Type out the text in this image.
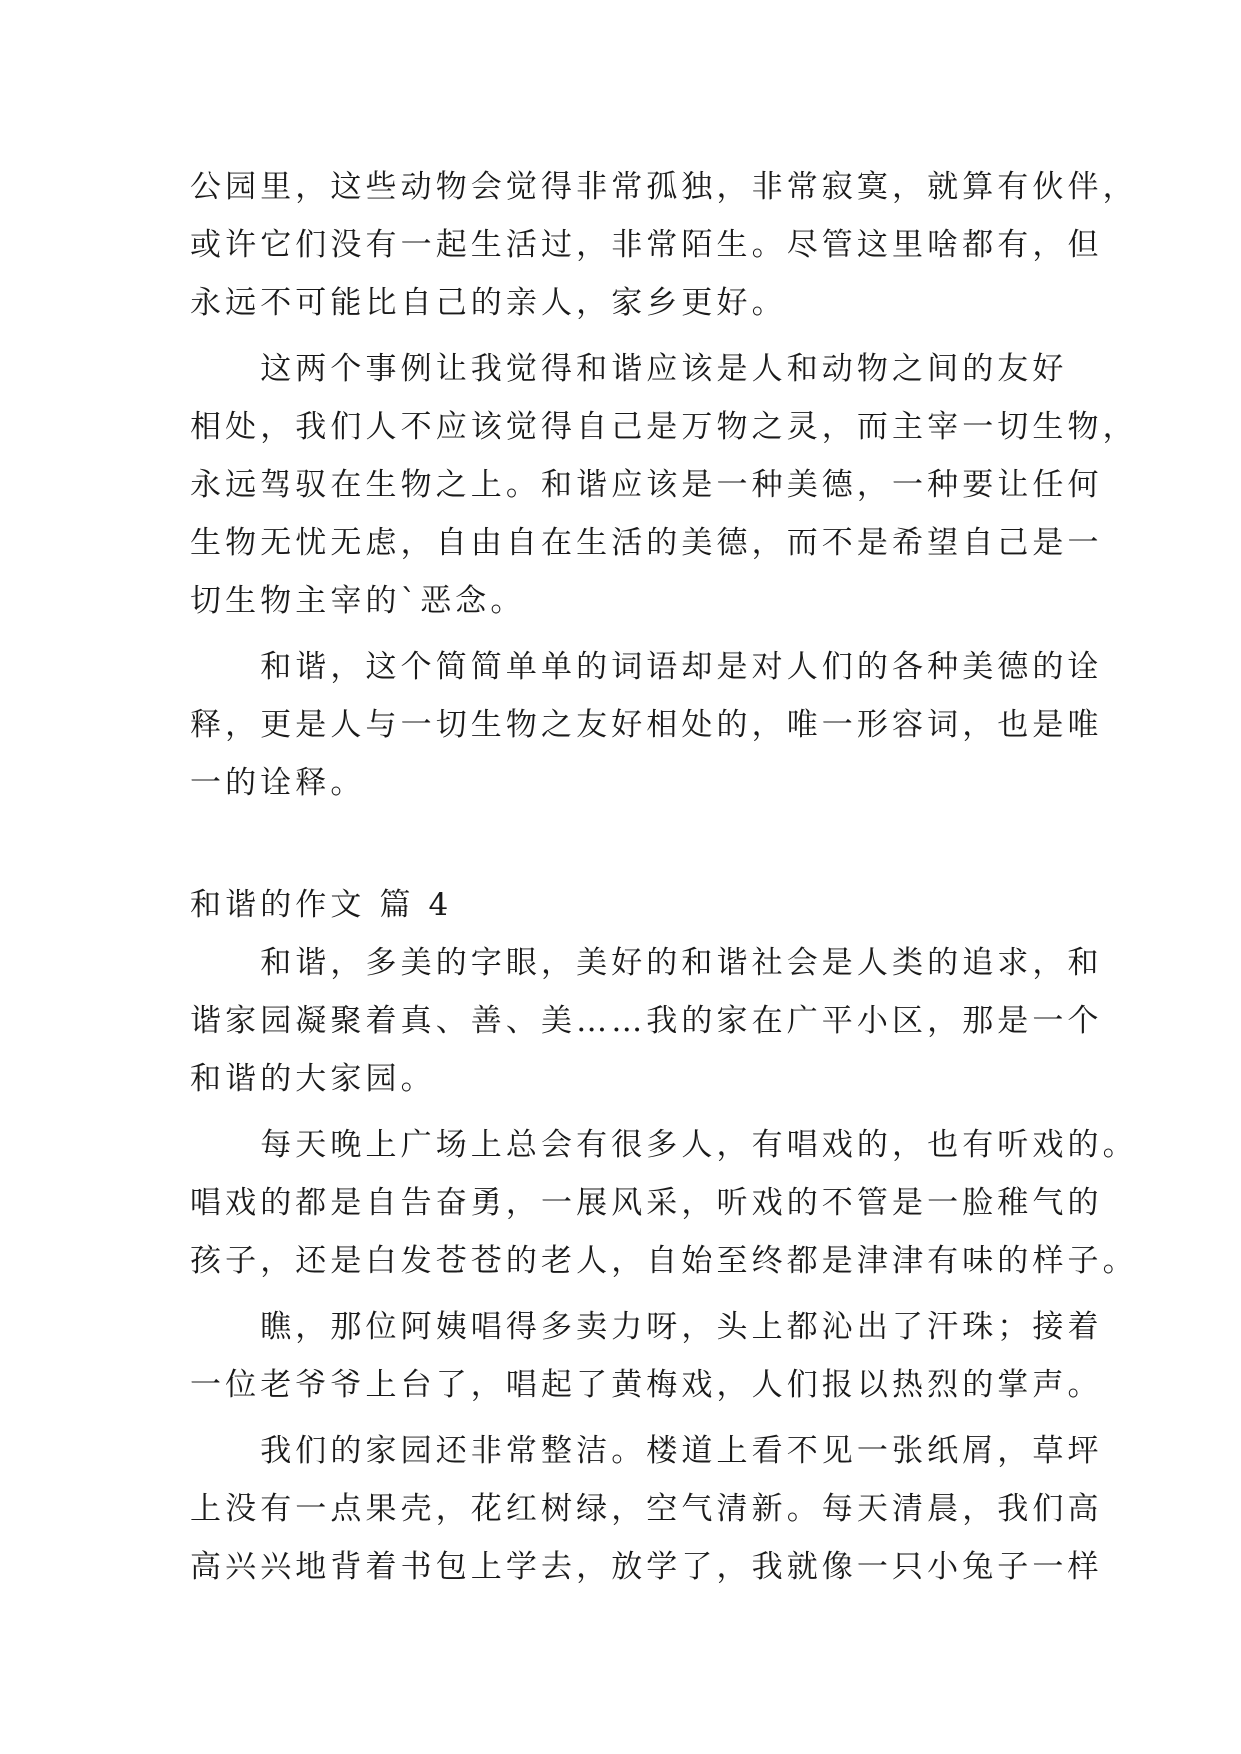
公园里，这些动物会觉得非常孤独，非常寂寞，就算有伙伴，
或许它们没有一起生活过，非常陌生。尽管这里啥都有，但
永远不可能比自己的亲人，家乡更好。
　　这两个事例让我觉得和谐应该是人和动物之间的友好
相处，我们人不应该觉得自己是万物之灵，而主宰一切生物，
永远驾驭在生物之上。和谐应该是一种美德，一种要让任何
生物无忧无虑，自由自在生活的美德，而不是希望自己是一
切生物主宰的`恶念。
　　和谐，这个简简单单的词语却是对人们的各种美德的诠
释，更是人与一切生物之友好相处的，唯一形容词，也是唯
一的诠释。
和谐的作文 篇 4
　　和谐，多美的字眼，美好的和谐社会是人类的追求，和
谐家园凝聚着真、善、美……我的家在广平小区，那是一个
和谐的大家园。
　　每天晚上广场上总会有很多人，有唱戏的，也有听戏的。
唱戏的都是自告奋勇，一展风采，听戏的不管是一脸稚气的
孩子，还是白发苍苍的老人，自始至终都是津津有味的样子。
　　瞧，那位阿姨唱得多卖力呀，头上都沁出了汗珠；接着
一位老爷爷上台了，唱起了黄梅戏，人们报以热烈的掌声。
　　我们的家园还非常整洁。楼道上看不见一张纸屑，草坪
上没有一点果壳，花红树绿，空气清新。每天清晨，我们高
高兴兴地背着书包上学去，放学了，我就像一只小兔子一样
